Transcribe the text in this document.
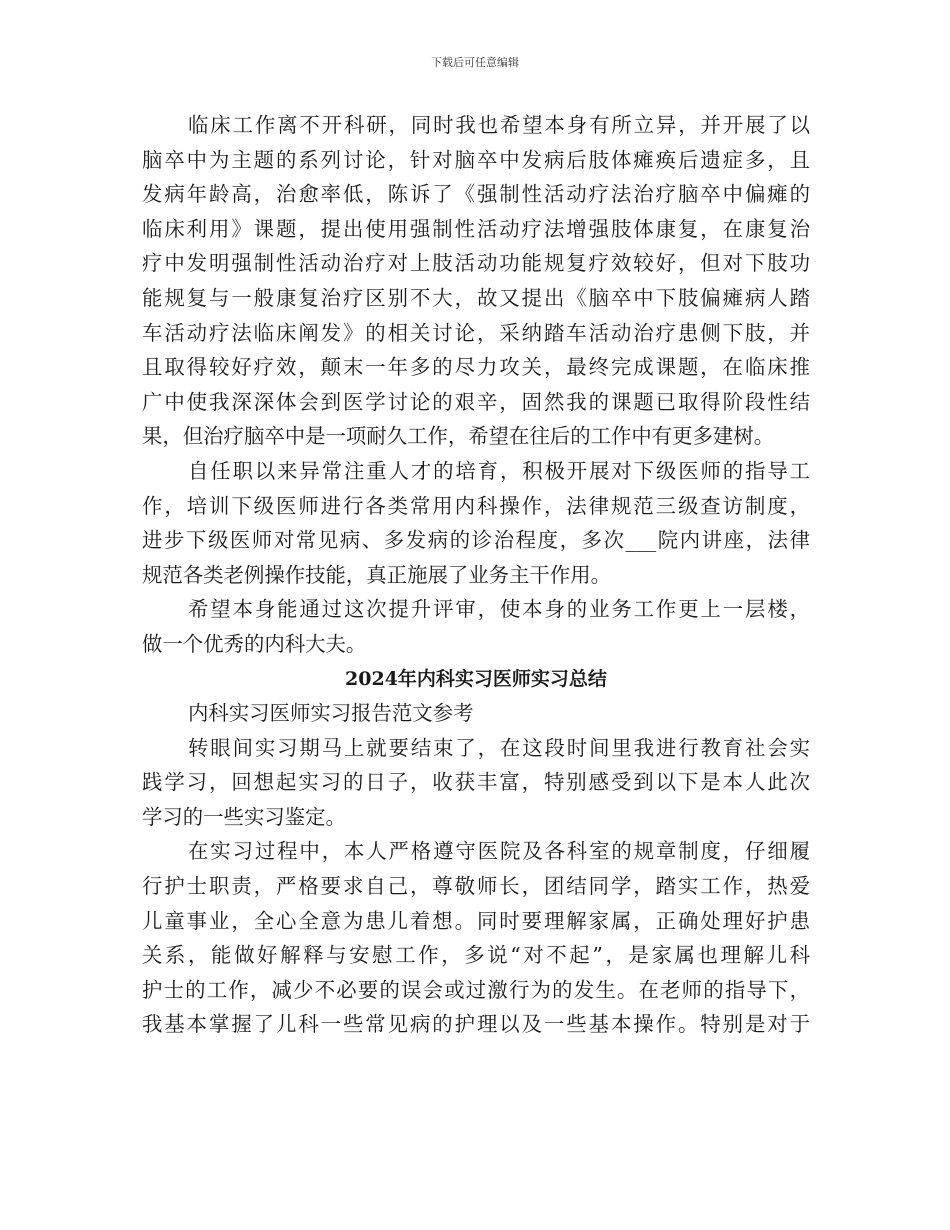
下载后可任意编辑
临床工作离不开科研，同时我也希望本身有所立异，并开展了以
脑卒中为主题的系列讨论，针对脑卒中发病后肢体瘫痪后遗症多，且
发病年龄高，治愈率低，陈诉了《强制性活动疗法治疗脑卒中偏瘫的
临床利用》课题，提出使用强制性活动疗法增强肢体康复，在康复治
疗中发明强制性活动治疗对上肢活动功能规复疗效较好，但对下肢功
能规复与一般康复治疗区别不大，故又提出《脑卒中下肢偏瘫病人踏
车活动疗法临床阐发》的相关讨论，采纳踏车活动治疗患侧下肢，并
且取得较好疗效，颠末一年多的尽力攻关，最终完成课题，在临床推
广中使我深深体会到医学讨论的艰辛，固然我的课题已取得阶段性结
果，但治疗脑卒中是一项耐久工作，希望在往后的工作中有更多建树。
自任职以来异常注重人才的培育，积极开展对下级医师的指导工
作，培训下级医师进行各类常用内科操作，法律规范三级查访制度，
进步下级医师对常见病、多发病的诊治程度，多次___院内讲座，法律
规范各类老例操作技能，真正施展了业务主干作用。
希望本身能通过这次提升评审，使本身的业务工作更上一层楼，
做一个优秀的内科大夫。
2024年内科实习医师实习总结
内科实习医师实习报告范文参考
转眼间实习期马上就要结束了，在这段时间里我进行教育社会实
践学习，回想起实习的日子，收获丰富，特别感受到以下是本人此次
学习的一些实习鉴定。
在实习过程中，本人严格遵守医院及各科室的规章制度，仔细履
行护士职责，严格要求自己，尊敬师长，团结同学，踏实工作，热爱
儿童事业，全心全意为患儿着想。同时要理解家属，正确处理好护患
关系，能做好解释与安慰工作，多说“对不起”，是家属也理解儿科
护士的工作，减少不必要的误会或过激行为的发生。在老师的指导下，
我基本掌握了儿科一些常见病的护理以及一些基本操作。特别是对于
